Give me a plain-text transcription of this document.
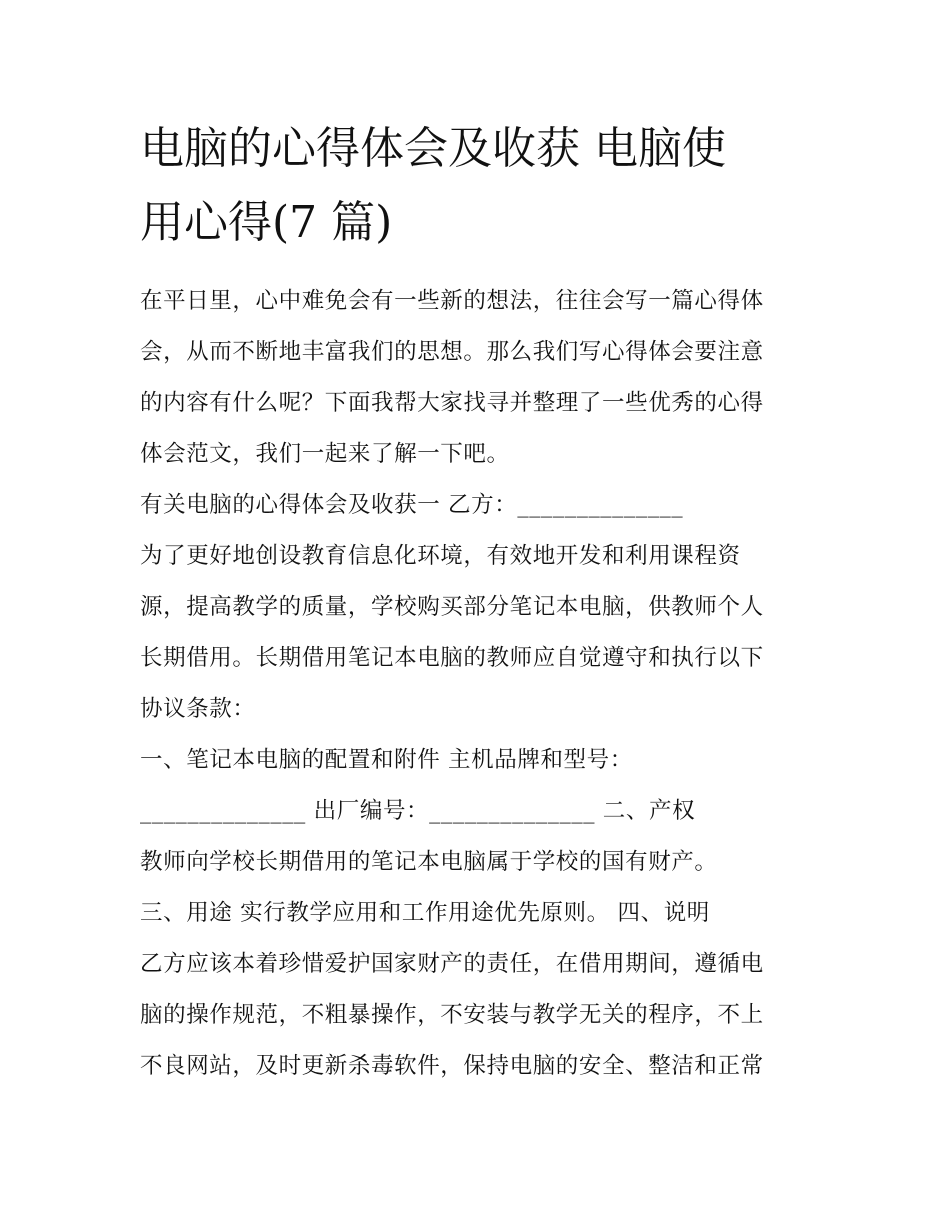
电脑的心得体会及收获 电脑使
用心得(7 篇)

在平日里，心中难免会有一些新的想法，往往会写一篇心得体

会，从而不断地丰富我们的思想。那么我们写心得体会要注意

的内容有什么呢？下面我帮大家找寻并整理了一些优秀的心得

体会范文，我们一起来了解一下吧。

有关电脑的心得体会及收获一 乙方：______________

为了更好地创设教育信息化环境，有效地开发和利用课程资

源，提高教学的质量，学校购买部分笔记本电脑，供教师个人

长期借用。长期借用笔记本电脑的教师应自觉遵守和执行以下

协议条款：

一、笔记本电脑的配置和附件 主机品牌和型号：

______________ 出厂编号：______________ 二、产权

教师向学校长期借用的笔记本电脑属于学校的国有财产。

三、用途 实行教学应用和工作用途优先原则。 四、说明

乙方应该本着珍惜爱护国家财产的责任，在借用期间，遵循电

脑的操作规范，不粗暴操作，不安装与教学无关的程序，不上

不良网站，及时更新杀毒软件，保持电脑的安全、整洁和正常
